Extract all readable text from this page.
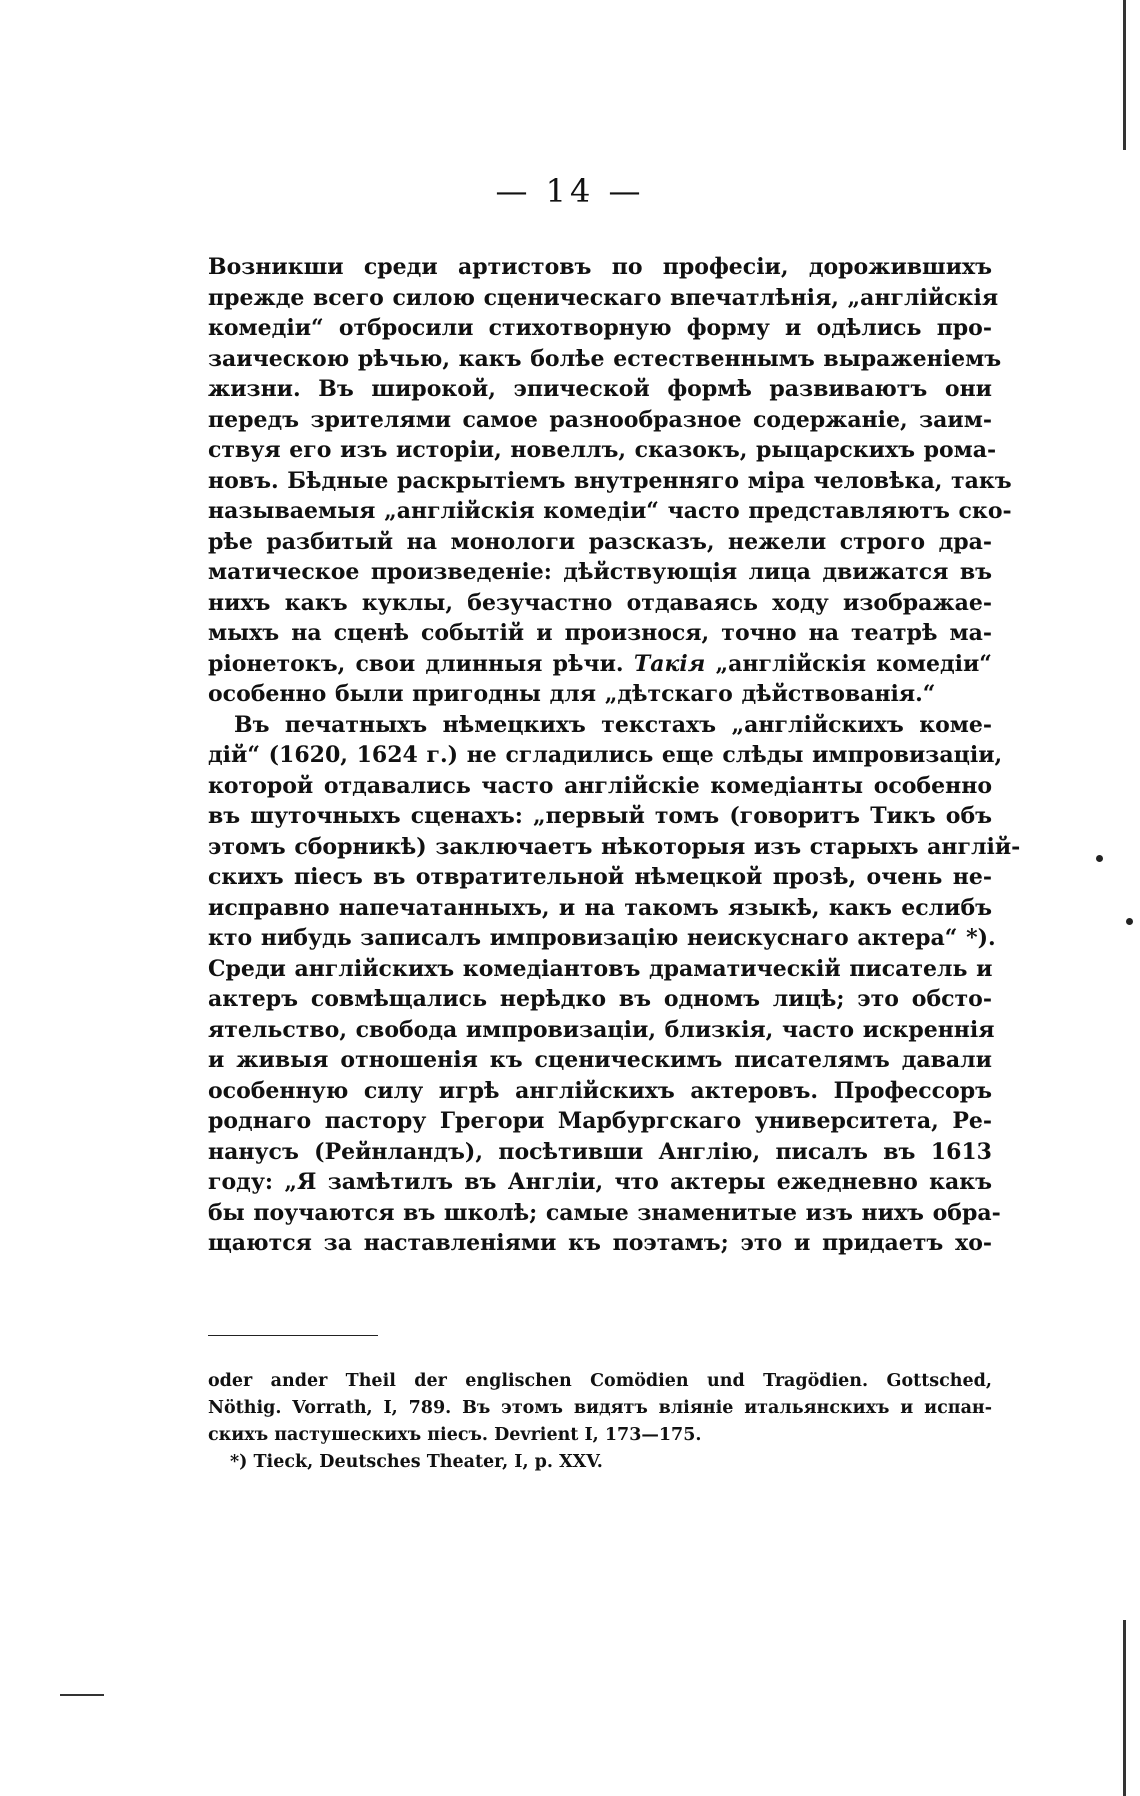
— 14 —
Возникши среди артистовъ по професіи, дорожившихъ
прежде всего силою сценическаго впечатлѣнія, „англійскія
комедіи“ отбросили стихотворную форму и одѣлись про-
заическою рѣчью, какъ болѣе естественнымъ выраженіемъ
жизни. Въ широкой, эпической формѣ развиваютъ они
передъ зрителями самое разнообразное содержаніе, заим-
ствуя его изъ исторіи, новеллъ, сказокъ, рыцарскихъ рома-
новъ. Бѣдные раскрытіемъ внутренняго міра человѣка, такъ
называемыя „англійскія комедіи“ часто представляютъ ско-
рѣе разбитый на монологи разсказъ, нежели строго дра-
матическое произведеніе: дѣйствующія лица движатся въ
нихъ какъ куклы, безучастно отдаваясь ходу изображае-
мыхъ на сценѣ событій и произнося, точно на театрѣ ма-
ріонетокъ, свои длинныя рѣчи. Такія „англійскія комедіи“
особенно были пригодны для „дѣтскаго дѣйствованія.“
Въ печатныхъ нѣмецкихъ текстахъ „англійскихъ коме-
дій“ (1620, 1624 г.) не сгладились еще слѣды импровизаціи,
которой отдавались часто англійскіе комедіанты особенно
въ шуточныхъ сценахъ: „первый томъ (говоритъ Тикъ объ
этомъ сборникѣ) заключаетъ нѣкоторыя изъ старыхъ англій-
скихъ піесъ въ отвратительной нѣмецкой прозѣ, очень не-
исправно напечатанныхъ, и на такомъ языкѣ, какъ еслибъ
кто нибудь записалъ импровизацію неискуснаго актера“ *).
Среди англійскихъ комедіантовъ драматическій писатель и
актеръ совмѣщались нерѣдко въ одномъ лицѣ; это обсто-
ятельство, свобода импровизаціи, близкія, часто искреннія
и живыя отношенія къ сценическимъ писателямъ давали
особенную силу игрѣ англійскихъ актеровъ. Професcоръ
роднаго пастору Грегори Марбургскаго университета, Ре-
нанусъ (Рейнландъ), посѣтивши Англію, писалъ въ 1613
году: „Я замѣтилъ въ Англіи, что актеры ежедневно какъ
бы поучаются въ школѣ; самые знаменитые изъ нихъ обра-
щаются за наставленіями къ поэтамъ; это и придаетъ хо-
oder ander Theil der englischen Comödien und Tragödien. Gottsched,
Nöthig. Vorrath, I, 789. Въ этомъ видятъ вліяніе итальянскихъ и испан-
скихъ пастушескихъ піесъ. Devrient I, 173—175.
*) Tieck, Deutsches Theater, I, p. XXV.
